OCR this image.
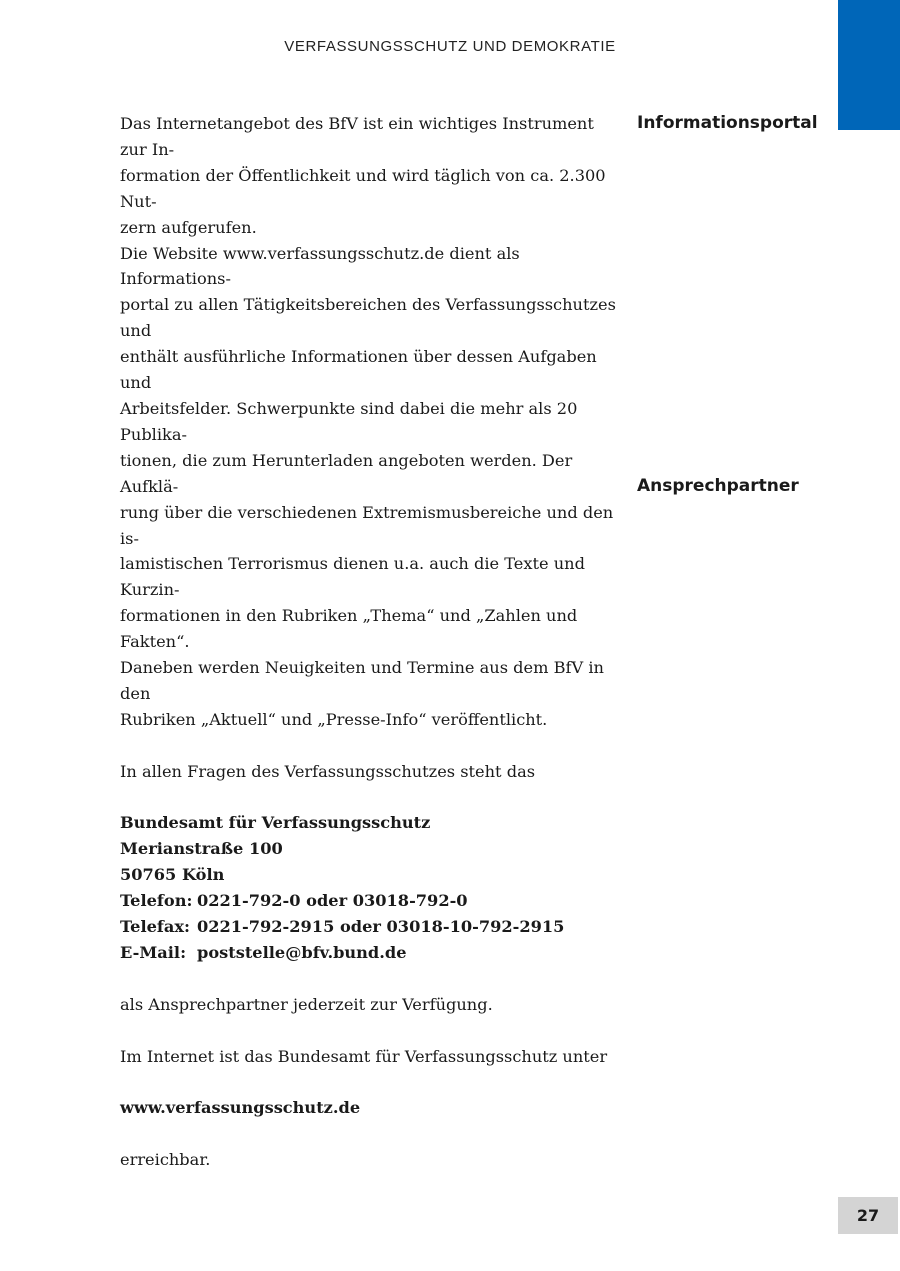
VERFASSUNGSSCHUTZ UND DEMOKRATIE

Informationsportal
Ansprechpartner

Das Internetangebot des BfV ist ein wichtiges Instrument zur In-
formation der Öffentlichkeit und wird täglich von ca. 2.300 Nut-
zern aufgerufen.

Die Website www.verfassungsschutz.de dient als Informations-
portal zu allen Tätigkeitsbereichen des Verfassungsschutzes und
enthält ausführliche Informationen über dessen Aufgaben und
Arbeitsfelder. Schwerpunkte sind dabei die mehr als 20 Publika-
tionen, die zum Herunterladen angeboten werden. Der Aufklä-
rung über die verschiedenen Extremismusbereiche und den is-
lamistischen Terrorismus dienen u.a. auch die Texte und Kurzin-
formationen in den Rubriken „Thema“ und „Zahlen und Fakten“.
Daneben werden Neuigkeiten und Termine aus dem BfV in den
Rubriken „Aktuell“ und „Presse-Info“ veröffentlicht.

In allen Fragen des Verfassungsschutzes steht das

Bundesamt für Verfassungsschutz
Merianstraße 100
50765 Köln
Telefon: 0221-792-0 oder 03018-792-0
Telefax: 0221-792-2915 oder 03018-10-792-2915
E-Mail: poststelle@bfv.bund.de

als Ansprechpartner jederzeit zur Verfügung.

Im Internet ist das Bundesamt für Verfassungsschutz unter

www.verfassungsschutz.de

erreichbar.

27
